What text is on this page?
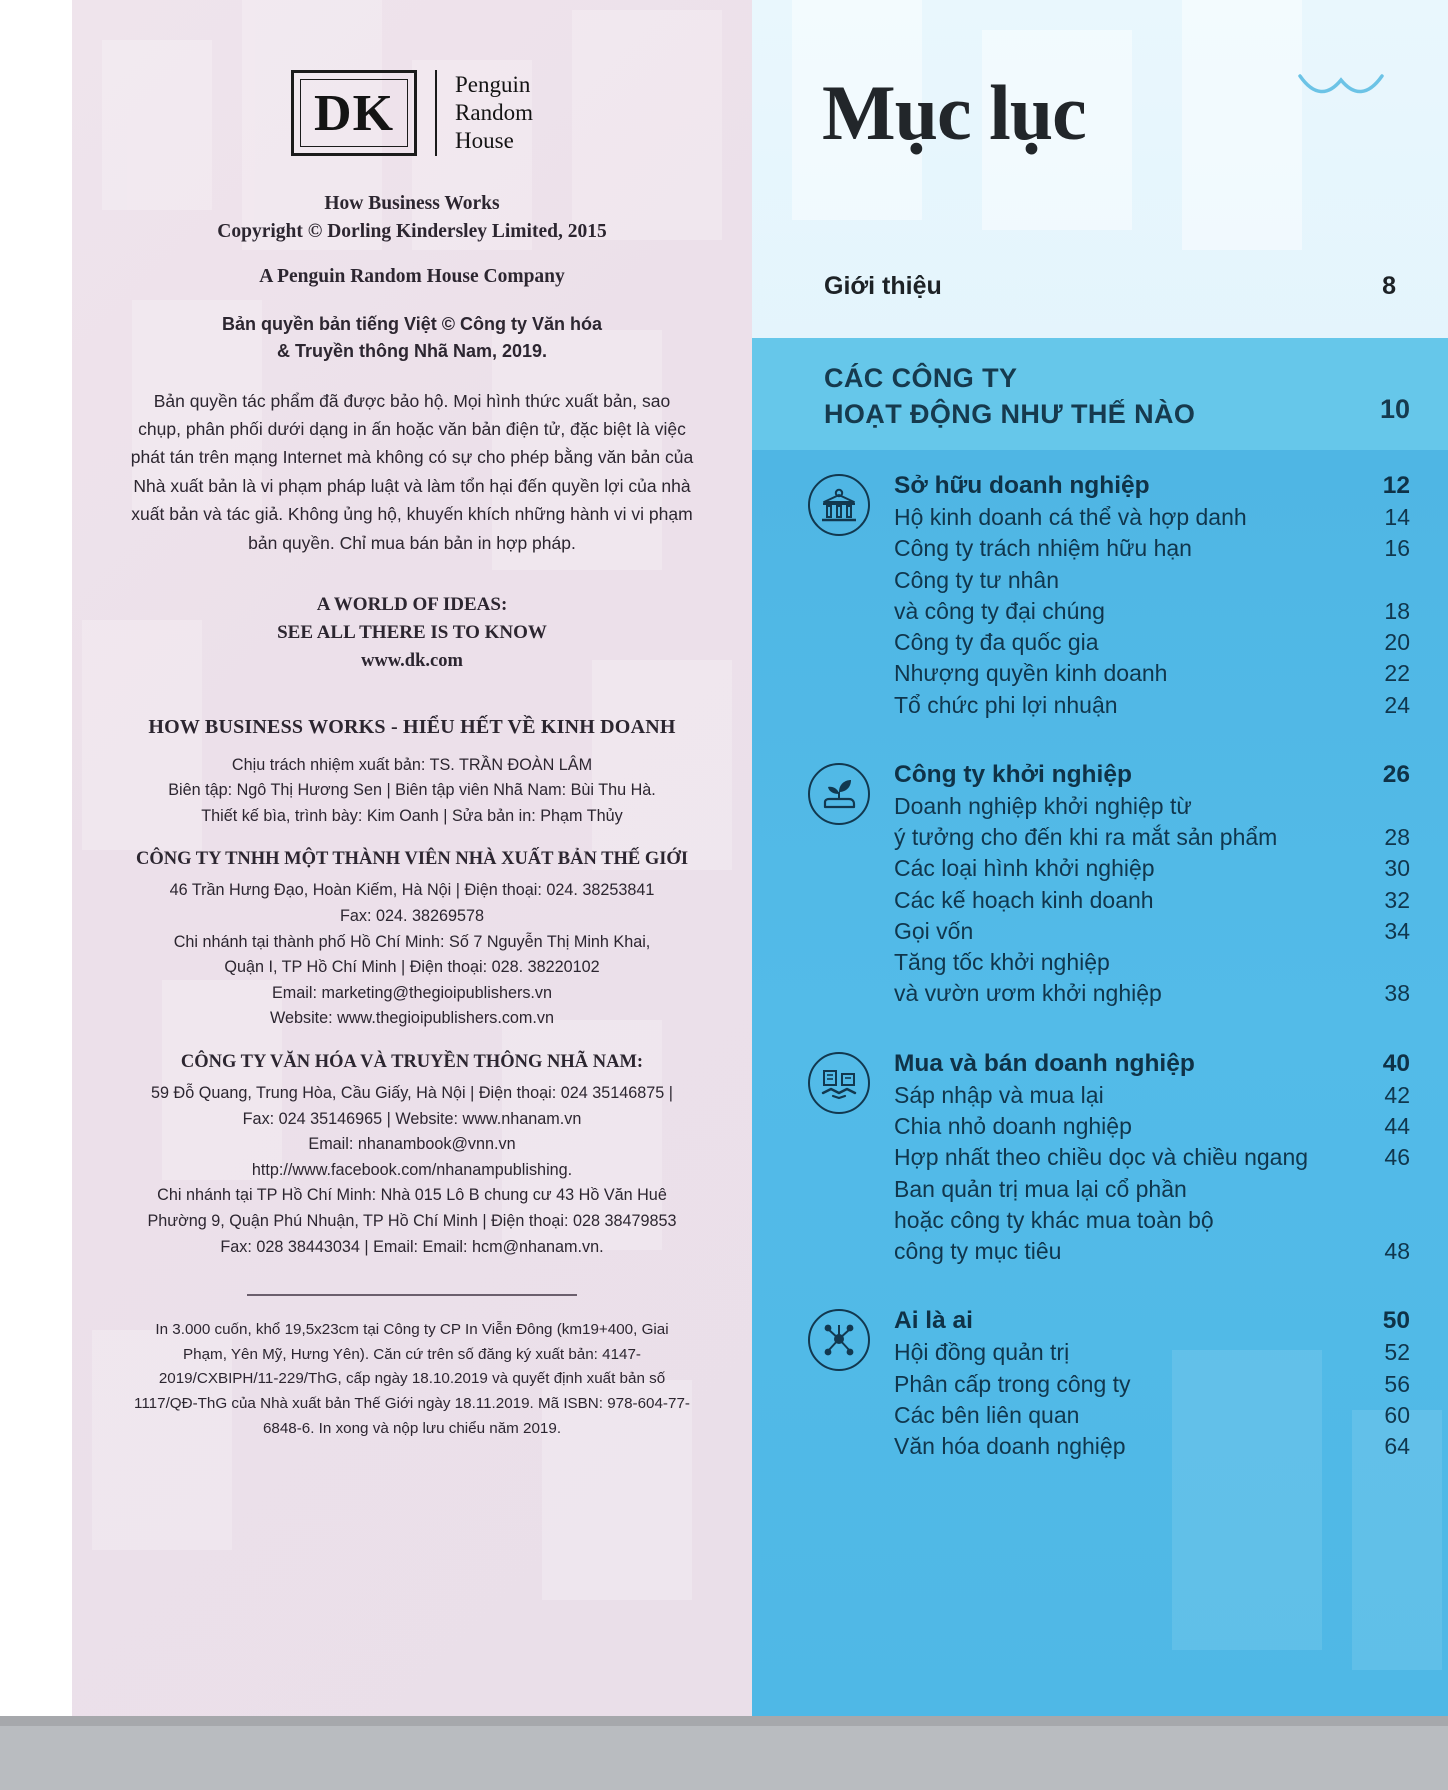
DK
Penguin
Random
House
How Business Works
Copyright © Dorling Kindersley Limited, 2015
A Penguin Random House Company
Bản quyền bản tiếng Việt © Công ty Văn hóa
& Truyền thông Nhã Nam, 2019.
Bản quyền tác phẩm đã được bảo hộ. Mọi hình thức xuất bản, sao chụp, phân phối dưới dạng in ấn hoặc văn bản điện tử, đặc biệt là việc phát tán trên mạng Internet mà không có sự cho phép bằng văn bản của Nhà xuất bản là vi phạm pháp luật và làm tổn hại đến quyền lợi của nhà xuất bản và tác giả. Không ủng hộ, khuyến khích những hành vi vi phạm bản quyền. Chỉ mua bán bản in hợp pháp.
A WORLD OF IDEAS:
SEE ALL THERE IS TO KNOW
www.dk.com
HOW BUSINESS WORKS - HIỂU HẾT VỀ KINH DOANH
Chịu trách nhiệm xuất bản: TS. TRẦN ĐOÀN LÂM
Biên tập: Ngô Thị Hương Sen | Biên tập viên Nhã Nam: Bùi Thu Hà.
Thiết kế bìa, trình bày: Kim Oanh | Sửa bản in: Phạm Thủy
CÔNG TY TNHH MỘT THÀNH VIÊN NHÀ XUẤT BẢN THẾ GIỚI
46 Trần Hưng Đạo, Hoàn Kiếm, Hà Nội | Điện thoại: 024. 38253841
Fax: 024. 38269578
Chi nhánh tại thành phố Hồ Chí Minh: Số 7 Nguyễn Thị Minh Khai,
Quận I, TP Hồ Chí Minh | Điện thoại: 028. 38220102
Email: marketing@thegioipublishers.vn
Website: www.thegioipublishers.com.vn
CÔNG TY VĂN HÓA VÀ TRUYỀN THÔNG NHÃ NAM:
59 Đỗ Quang, Trung Hòa, Cầu Giấy, Hà Nội | Điện thoại: 024 35146875 |
Fax: 024 35146965 | Website: www.nhanam.vn
Email: nhanambook@vnn.vn
http://www.facebook.com/nhanampublishing.
Chi nhánh tại TP Hồ Chí Minh: Nhà 015 Lô B chung cư 43 Hồ Văn Huê
Phường 9, Quận Phú Nhuận, TP Hồ Chí Minh | Điện thoại: 028 38479853
Fax: 028 38443034 | Email: Email: hcm@nhanam.vn.
In 3.000 cuốn, khổ 19,5x23cm tại Công ty CP In Viễn Đông (km19+400, Giai Phạm, Yên Mỹ, Hưng Yên). Căn cứ trên số đăng ký xuất bản: 4147-2019/CXBIPH/11-229/ThG, cấp ngày 18.10.2019 và quyết định xuất bản số 1117/QĐ-ThG của Nhà xuất bản Thế Giới ngày 18.11.2019. Mã ISBN: 978-604-77-6848-6. In xong và nộp lưu chiểu năm 2019.
Mục lục
Giới thiệu	8
CÁC CÔNG TY
HOẠT ĐỘNG NHƯ THẾ NÀO	10
Sở hữu doanh nghiệp	12
Hộ kinh doanh cá thể và hợp danh	14
Công ty trách nhiệm hữu hạn	16
Công ty tư nhân
và công ty đại chúng	18
Công ty đa quốc gia	20
Nhượng quyền kinh doanh	22
Tổ chức phi lợi nhuận	24
Công ty khởi nghiệp	26
Doanh nghiệp khởi nghiệp từ
ý tưởng cho đến khi ra mắt sản phẩm	28
Các loại hình khởi nghiệp	30
Các kế hoạch kinh doanh	32
Gọi vốn	34
Tăng tốc khởi nghiệp
và vườn ươm khởi nghiệp	38
Mua và bán doanh nghiệp	40
Sáp nhập và mua lại	42
Chia nhỏ doanh nghiệp	44
Hợp nhất theo chiều dọc và chiều ngang	46
Ban quản trị mua lại cổ phần
hoặc công ty khác mua toàn bộ
công ty mục tiêu	48
Ai là ai	50
Hội đồng quản trị	52
Phân cấp trong công ty	56
Các bên liên quan	60
Văn hóa doanh nghiệp	64
